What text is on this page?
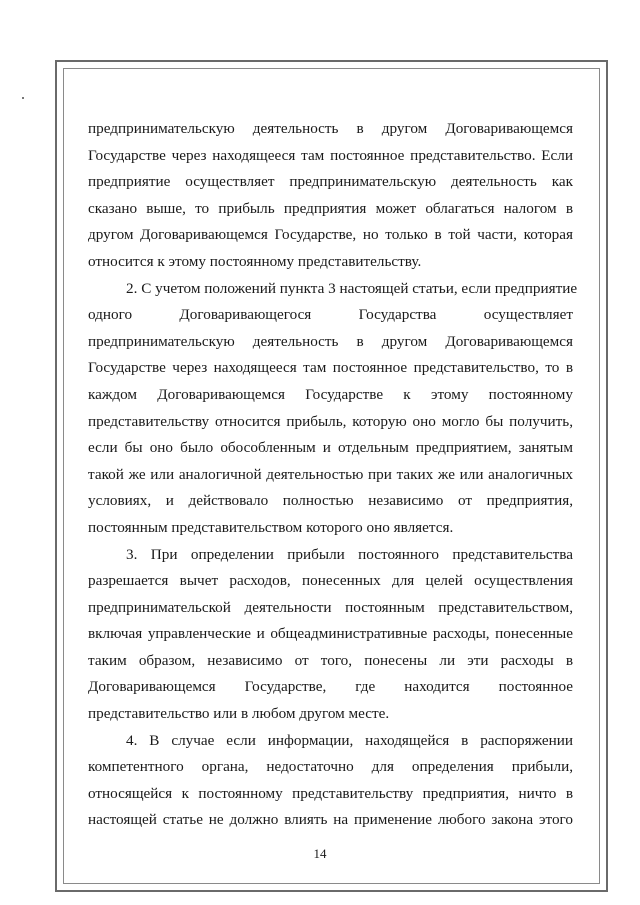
предпринимательскую деятельность в другом Договаривающемся
Государстве через находящееся там постоянное представительство. Если
предприятие осуществляет предпринимательскую деятельность как
сказано выше, то прибыль предприятия может облагаться налогом в
другом Договаривающемся Государстве, но только в той части, которая
относится к этому постоянному представительству.
2. С учетом положений пункта 3 настоящей статьи, если предприятие
одного Договаривающегося Государства осуществляет
предпринимательскую деятельность в другом Договаривающемся
Государстве через находящееся там постоянное представительство, то в
каждом Договаривающемся Государстве к этому постоянному
представительству относится прибыль, которую оно могло бы получить,
если бы оно было обособленным и отдельным предприятием, занятым
такой же или аналогичной деятельностью при таких же или аналогичных
условиях, и действовало полностью независимо от предприятия,
постоянным представительством которого оно является.
3. При определении прибыли постоянного представительства
разрешается вычет расходов, понесенных для целей осуществления
предпринимательской деятельности постоянным представительством,
включая управленческие и общеадминистративные расходы, понесенные
таким образом, независимо от того, понесены ли эти расходы в
Договаривающемся Государстве, где находится постоянное
представительство или в любом другом месте.
4. В случае если информации, находящейся в распоряжении
компетентного органа, недостаточно для определения прибыли,
относящейся к постоянному представительству предприятия, ничто в
настоящей статье не должно влиять на применение любого закона этого
14
